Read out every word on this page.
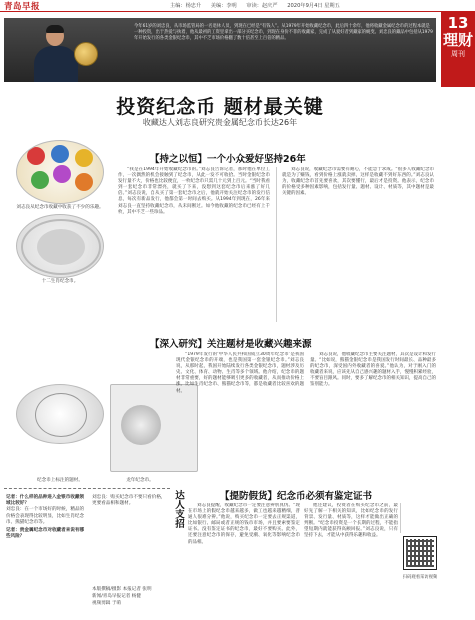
青岛早报	主编：杨忠升 美编：李明 审读：赵庆严 2020年9月4日 星期五
13
理财
周刊
今年61岁的刘忠良，从市场监管局的一名退休人员，到现在已经是“有钱人”。从1979年开始收藏纪念币，此后四十余年，他将收藏金属纪念币的过程本就是一种投资，出于热爱与执着，他从最初的工资里拿出一部分买纪念币，到现在身价不菲的收藏家，完成了从爱好者到藏家的蜕变。刘忠良的藏品中包括从1979年开始发行的各类金银纪念币，其中不乏市场价格翻了数十倍甚至上百倍的精品。
投资纪念币 题材最关键
收藏达人刘志良研究贵金属纪念币长达26年
刘志良从纪念币收藏中收获了不少的乐趣。
十二生肖纪念币。
纪念币上标注的题材。	龙年纪念币。
【持之以恒】一个小众爱好坚持26年

“我是在1994年开始收藏纪念币的。”刘志良告诉记者，那时他在单位工作，一次偶然的机会接触到了纪念币，从此一发不可收拾。当时金银纪念币发行量不大，价格也比较便宜，一枚纪念币只需几十元到上百元。“当时我看到一套纪念币非常漂亮，就买了下来，没想到这套纪念币后来涨了好几倍。”刘志良说，自从买了第一套纪念币之后，他就开始关注纪念币的发行信息，每次有新品发行，他都会第一时间去购买。从1994年到现在，26年来刘志良一直坚持收藏纪念币，从未间断过。如今他收藏的纪念币已经有上千枚，其中不乏一些珍品。

刘志良说，收藏纪念币需要有耐心，不能急于求成。“很多人收藏纪念币就是为了赚钱，看到价格上涨就卖掉，这样是收藏不到好东西的。”刘志良认为，收藏纪念币首先要喜欢，其次要懂行，最后才是投资。他表示，纪念币的价格受多种因素影响，包括发行量、题材、设计、材质等，其中题材是最关键的因素。

【深入研究】关注题材是收藏兴趣来源

“1979年发行的‘中华人民共和国成立30周年纪念币’是我国现代金银纪念币的开端，也是我国第一套金银纪念币。”刘志良说，从那时起，我国开始陆续发行各类金银纪念币，题材涉及历史、文化、体育、动物、生肖等多个领域。他介绍，纪念币的题材非常重要，好的题材能够吸引更多的收藏者，从而推动价格上涨。比如生肖纪念币、熊猫纪念币等，都是收藏者比较喜欢的题材。

刘志良说，他收藏纪念币主要关注题材，其次是设计和发行量。“比如说，熊猫金银纪念币是我国发行时间最长、品种最多的纪念币，深受国内外收藏者的喜爱。”他认为，对于刚入门的收藏者来说，应该先从自己感兴趣的题材入手，慢慢积累经验，不要盲目跟风。同时，要多了解纪念币的相关知识，提高自己的鉴别能力。

【提防假货】纪念币必须有鉴定证书

刘志良提醒，收藏纪念币一定要注意辨别真伪。“现在市场上的假纪念币越来越多，做工也越来越精细，普通人很难分辨。”他说，购买纪念币一定要去正规渠道，比如银行、邮局或者正规的钱币市场，并且要索要鉴定证书。没有鉴定证书的纪念币，最好不要购买。此外，还要注意纪念币的保存，避免受潮、氧化等影响纪念币的品相。

他还建议，投资者在购买纪念币之前，最好先了解一下相关的知识，比如纪念币的发行背景、发行量、材质等，这样才能做出正确的判断。“纪念币投资是一个长期的过程，不能指望短期内就能获得高额回报。”刘志良说，只有坚持下去，才能从中获得乐趣和收益。

记者：什么样的品种进入金银币收藏领域比较好？
刘忠良：在一个市场好的时候，精品的价格会表现得比较明显，比如生肖纪念币、熊猫纪念币等。
记者：贵金属纪念币对收藏者来说有哪些风险？
刘忠良：购买纪念币不要只看价格，更要看品相和题材。
本版撰稿/摄影 本报记者 张明
新闻/青岛早报记者 杨健
视频剪辑 于萌
达人支招
扫码观看采访视频
